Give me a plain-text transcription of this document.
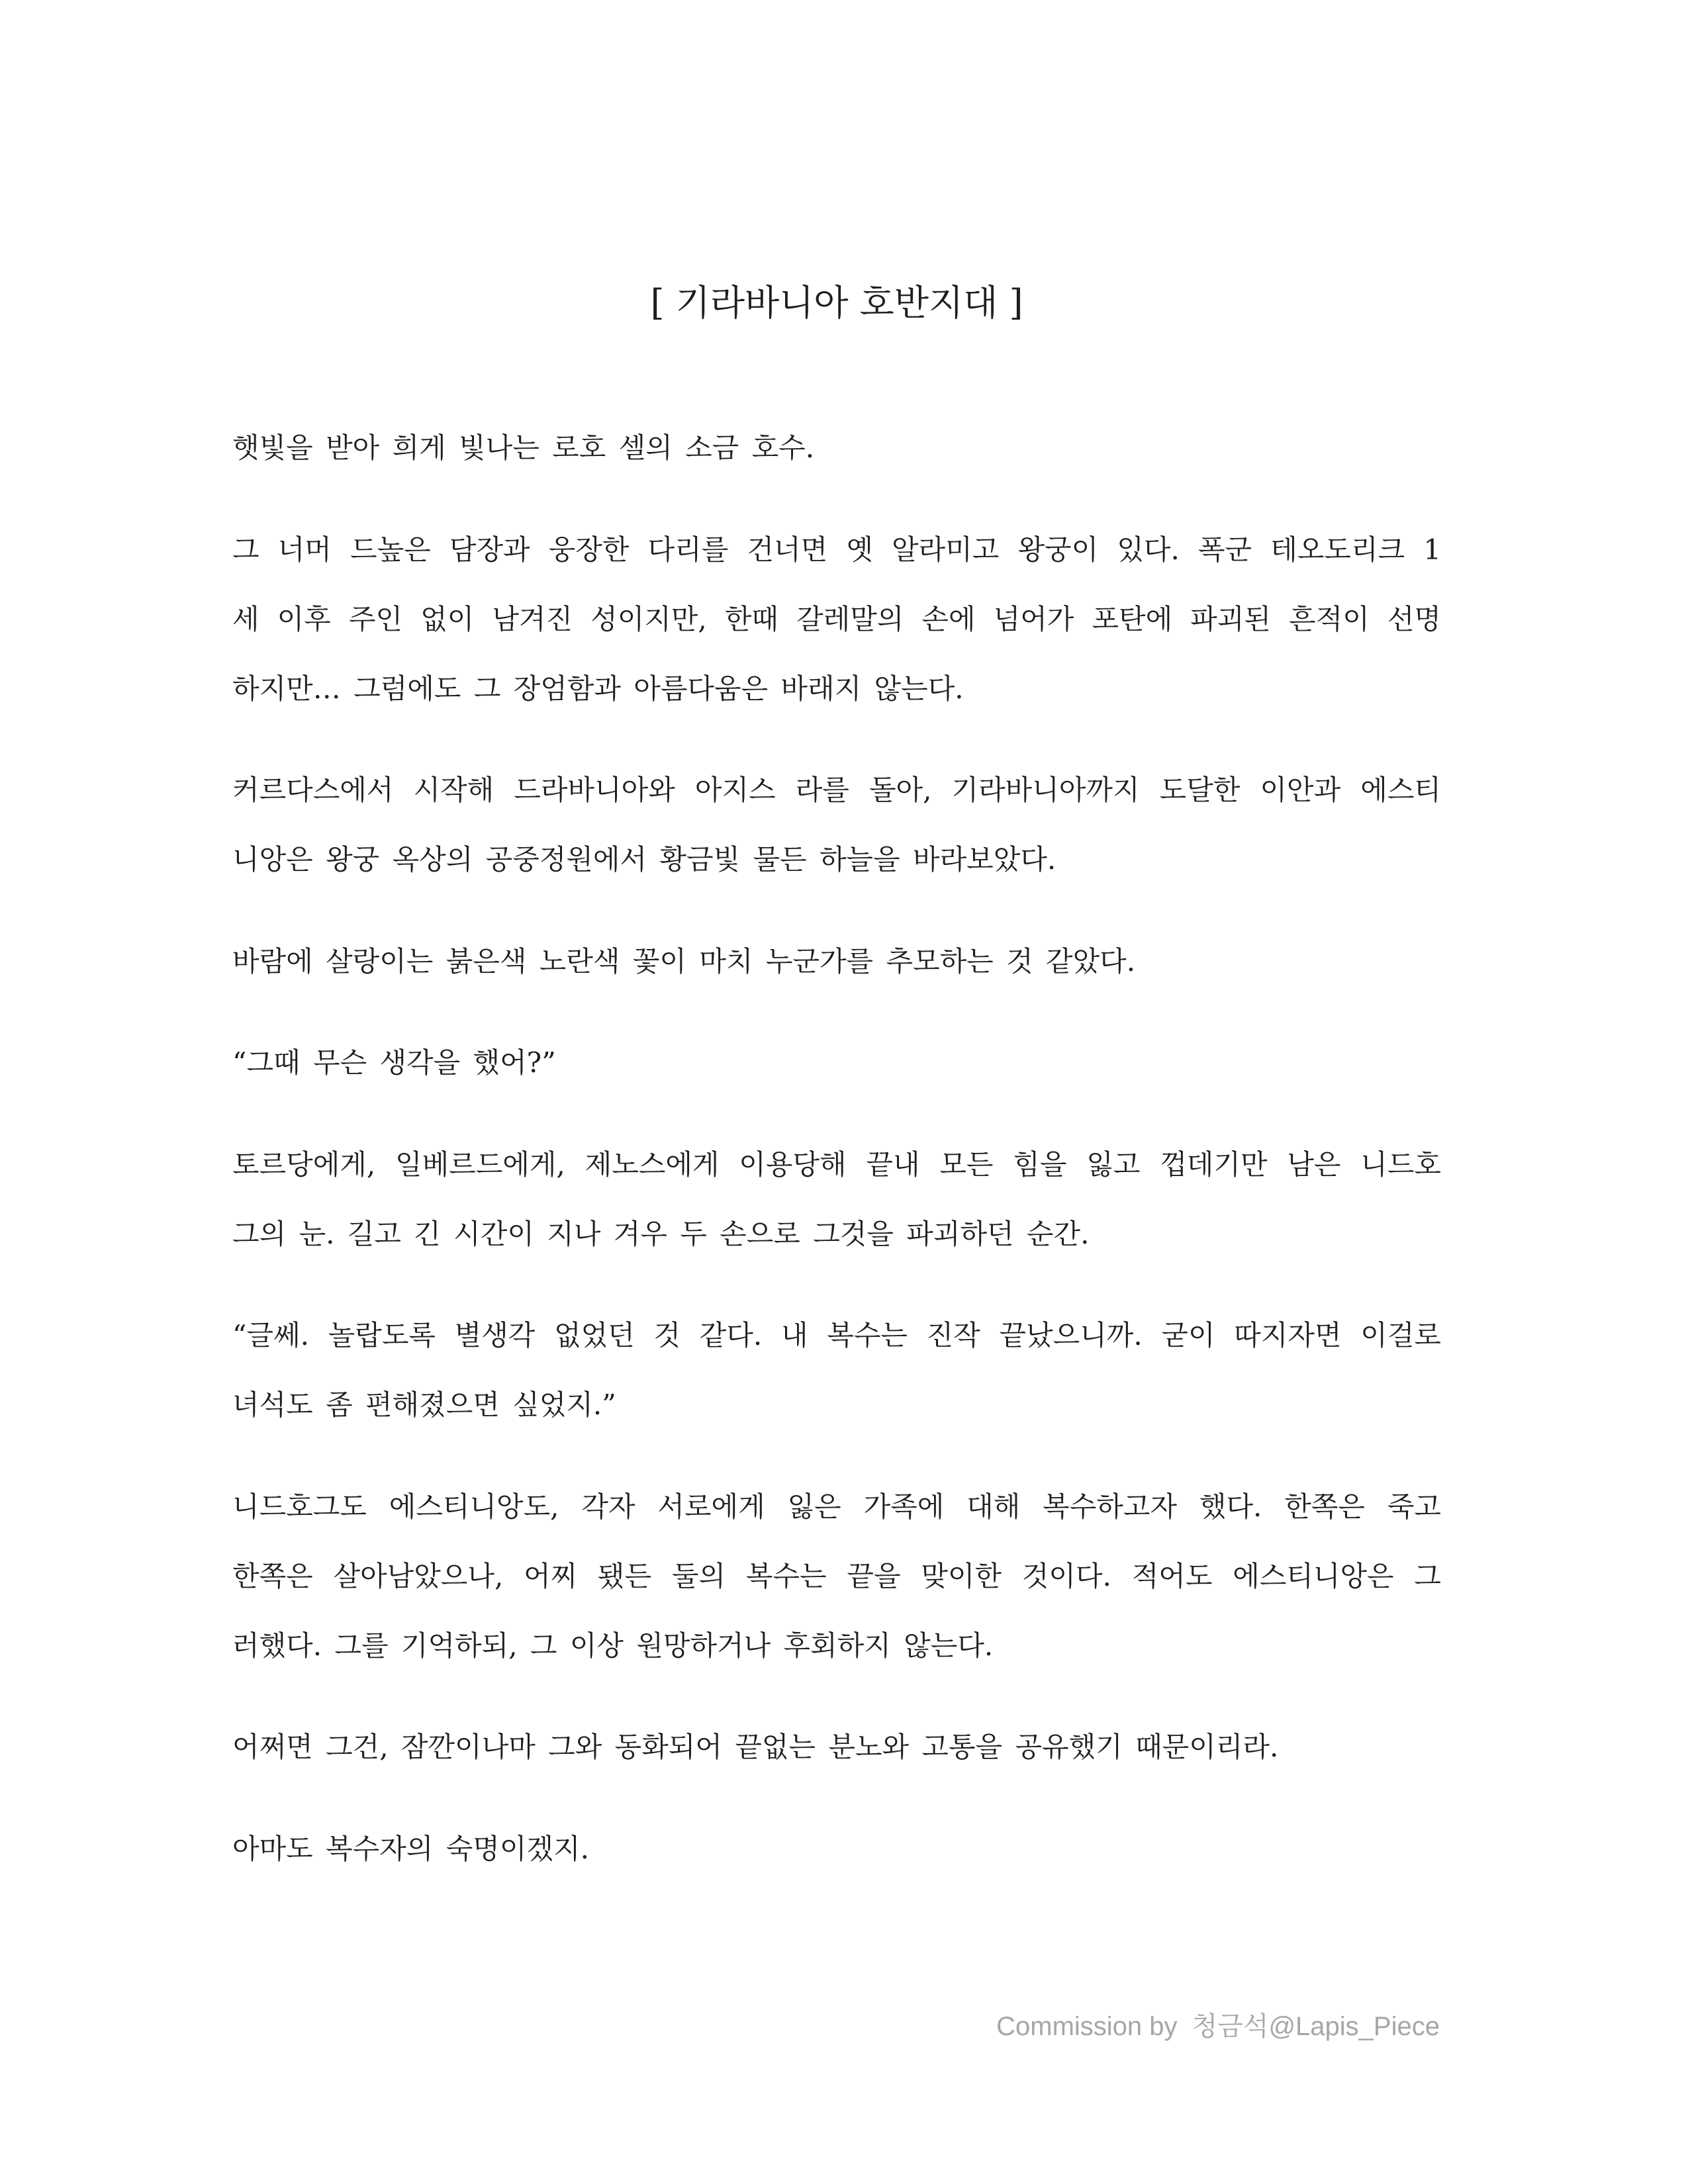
[ 기라바니아 호반지대 ]
햇빛을 받아 희게 빛나는 로호 셀의 소금 호수.
그 너머 드높은 담장과 웅장한 다리를 건너면 옛 알라미고 왕궁이 있다. 폭군 테오도리크 1
세 이후 주인 없이 남겨진 성이지만, 한때 갈레말의 손에 넘어가 포탄에 파괴된 흔적이 선명
하지만… 그럼에도 그 장엄함과 아름다움은 바래지 않는다.
커르다스에서 시작해 드라바니아와 아지스 라를 돌아, 기라바니아까지 도달한 이안과 에스티
니앙은 왕궁 옥상의 공중정원에서 황금빛 물든 하늘을 바라보았다.
바람에 살랑이는 붉은색 노란색 꽃이 마치 누군가를 추모하는 것 같았다.
“그때 무슨 생각을 했어?”
토르당에게, 일베르드에게, 제노스에게 이용당해 끝내 모든 힘을 잃고 껍데기만 남은 니드호
그의 눈. 길고 긴 시간이 지나 겨우 두 손으로 그것을 파괴하던 순간.
“글쎄. 놀랍도록 별생각 없었던 것 같다. 내 복수는 진작 끝났으니까. 굳이 따지자면 이걸로
녀석도 좀 편해졌으면 싶었지.”
니드호그도 에스티니앙도, 각자 서로에게 잃은 가족에 대해 복수하고자 했다. 한쪽은 죽고
한쪽은 살아남았으나, 어찌 됐든 둘의 복수는 끝을 맞이한 것이다. 적어도 에스티니앙은 그
러했다. 그를 기억하되, 그 이상 원망하거나 후회하지 않는다.
어쩌면 그건, 잠깐이나마 그와 동화되어 끝없는 분노와 고통을 공유했기 때문이리라.
아마도 복수자의 숙명이겠지.
Commission by 청금석@Lapis_Piece
